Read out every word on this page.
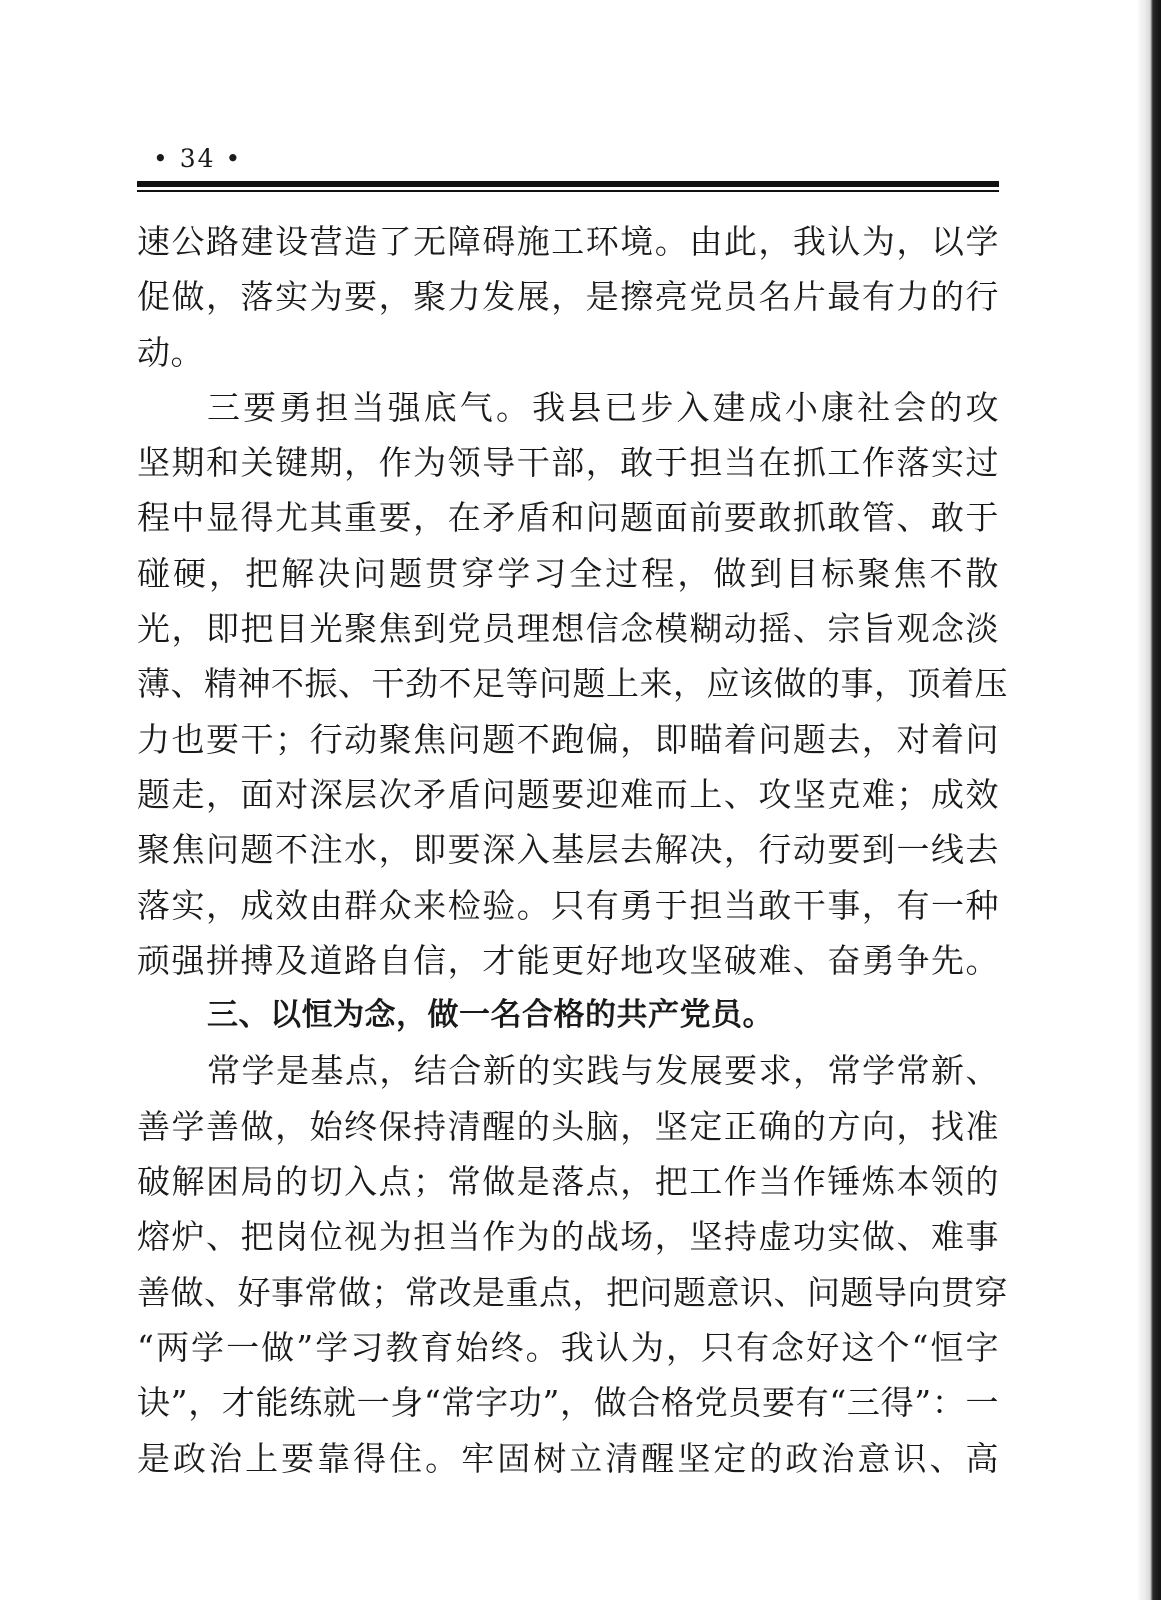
• 34 •
速公路建设营造了无障碍施工环境。由此，我认为，以学
促做，落实为要，聚力发展，是擦亮党员名片最有力的行
动。
三要勇担当强底气。我县已步入建成小康社会的攻
坚期和关键期，作为领导干部，敢于担当在抓工作落实过
程中显得尤其重要，在矛盾和问题面前要敢抓敢管、敢于
碰硬，把解决问题贯穿学习全过程，做到目标聚焦不散
光，即把目光聚焦到党员理想信念模糊动摇、宗旨观念淡
薄、精神不振、干劲不足等问题上来，应该做的事，顶着压
力也要干；行动聚焦问题不跑偏，即瞄着问题去，对着问
题走，面对深层次矛盾问题要迎难而上、攻坚克难；成效
聚焦问题不注水，即要深入基层去解决，行动要到一线去
落实，成效由群众来检验。只有勇于担当敢干事，有一种
顽强拼搏及道路自信，才能更好地攻坚破难、奋勇争先。
三、以恒为念，做一名合格的共产党员。
常学是基点，结合新的实践与发展要求，常学常新、
善学善做，始终保持清醒的头脑，坚定正确的方向，找准
破解困局的切入点；常做是落点，把工作当作锤炼本领的
熔炉、把岗位视为担当作为的战场，坚持虚功实做、难事
善做、好事常做；常改是重点，把问题意识、问题导向贯穿
“两学一做”学习教育始终。我认为，只有念好这个“恒字
诀”，才能练就一身“常字功”，做合格党员要有“三得”：一
是政治上要靠得住。牢固树立清醒坚定的政治意识、高
